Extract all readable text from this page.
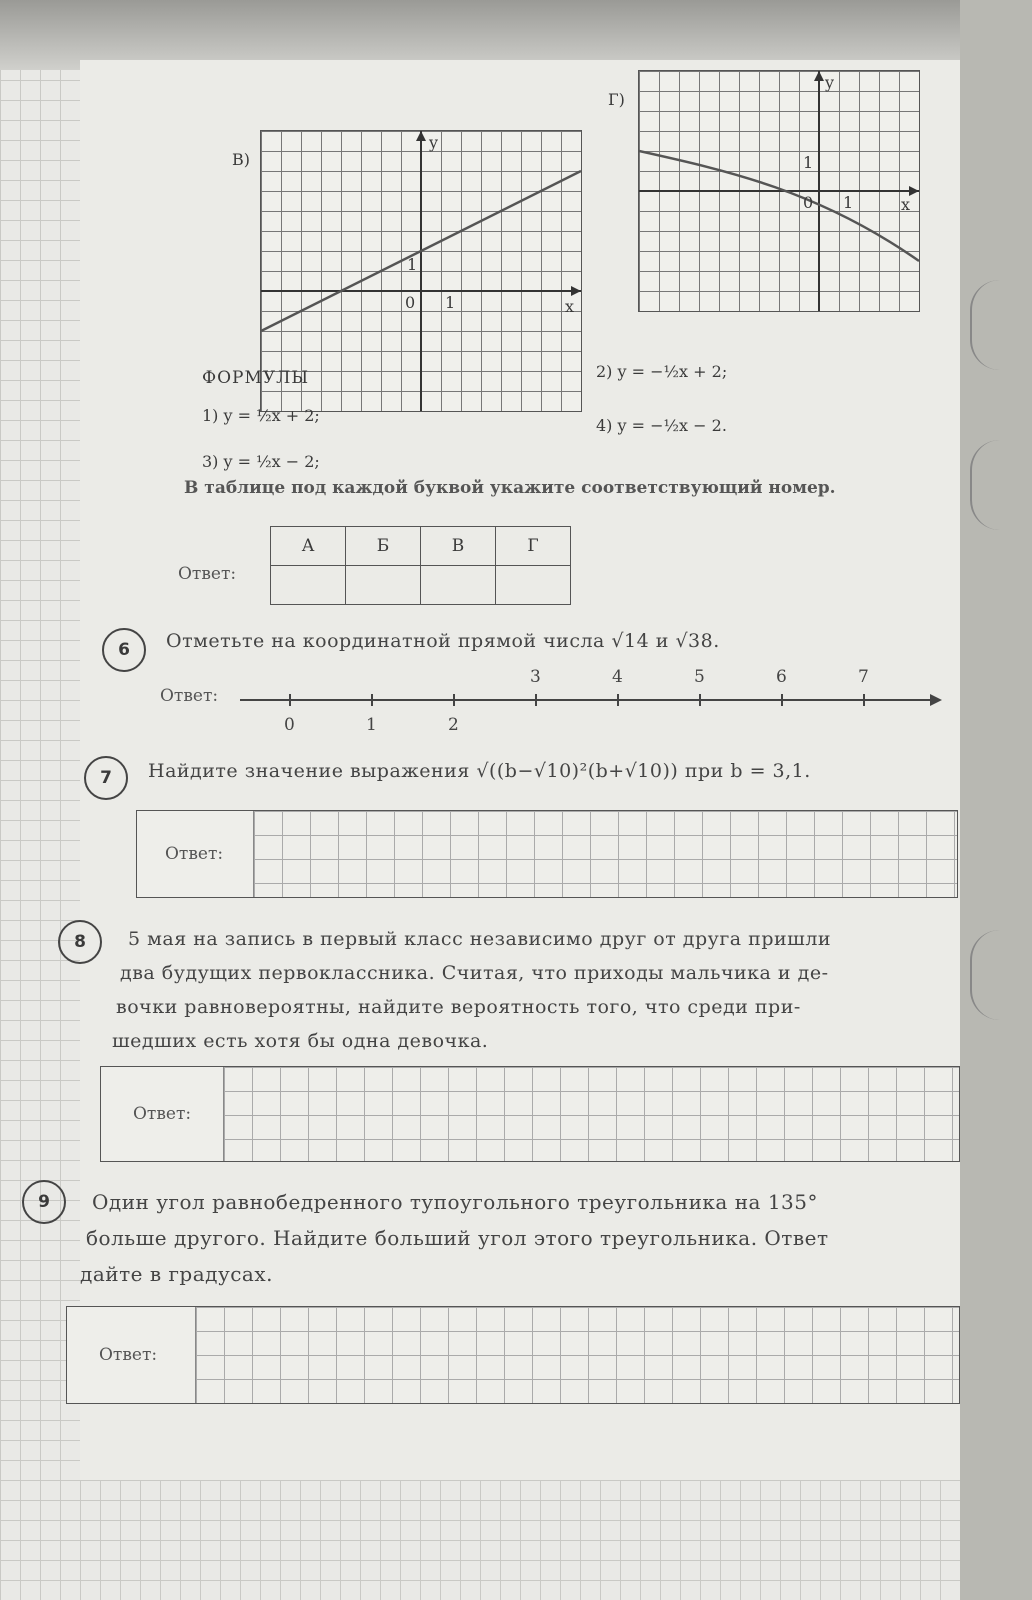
В)
y
x
0 1
1
Г)
y
x
0 1
1
ФОРМУЛЫ
1) y = ½x + 2;
2) y = −½x + 2;
3) y = ½x − 2;
4) y = −½x − 2.
В таблице под каждой буквой укажите соответствующий номер.
Ответ:
А	Б	В	Г

6	Отметьте на координатной прямой числа √14 и √38.
Ответ:
0	1	2
3	4	5	6	7
7	Найдите значение выражения √((b−√10)²(b+√10)) при b = 3,1.
Ответ:
8	5 мая на запись в первый класс независимо друг от друга пришли
два будущих первоклассника. Считая, что приходы мальчика и де-
вочки равновероятны, найдите вероятность того, что среди при-
шедших есть хотя бы одна девочка.
Ответ:
9	Один угол равнобедренного тупоугольного треугольника на 135°
больше другого. Найдите больший угол этого треугольника. Ответ
дайте в градусах.
Ответ:
